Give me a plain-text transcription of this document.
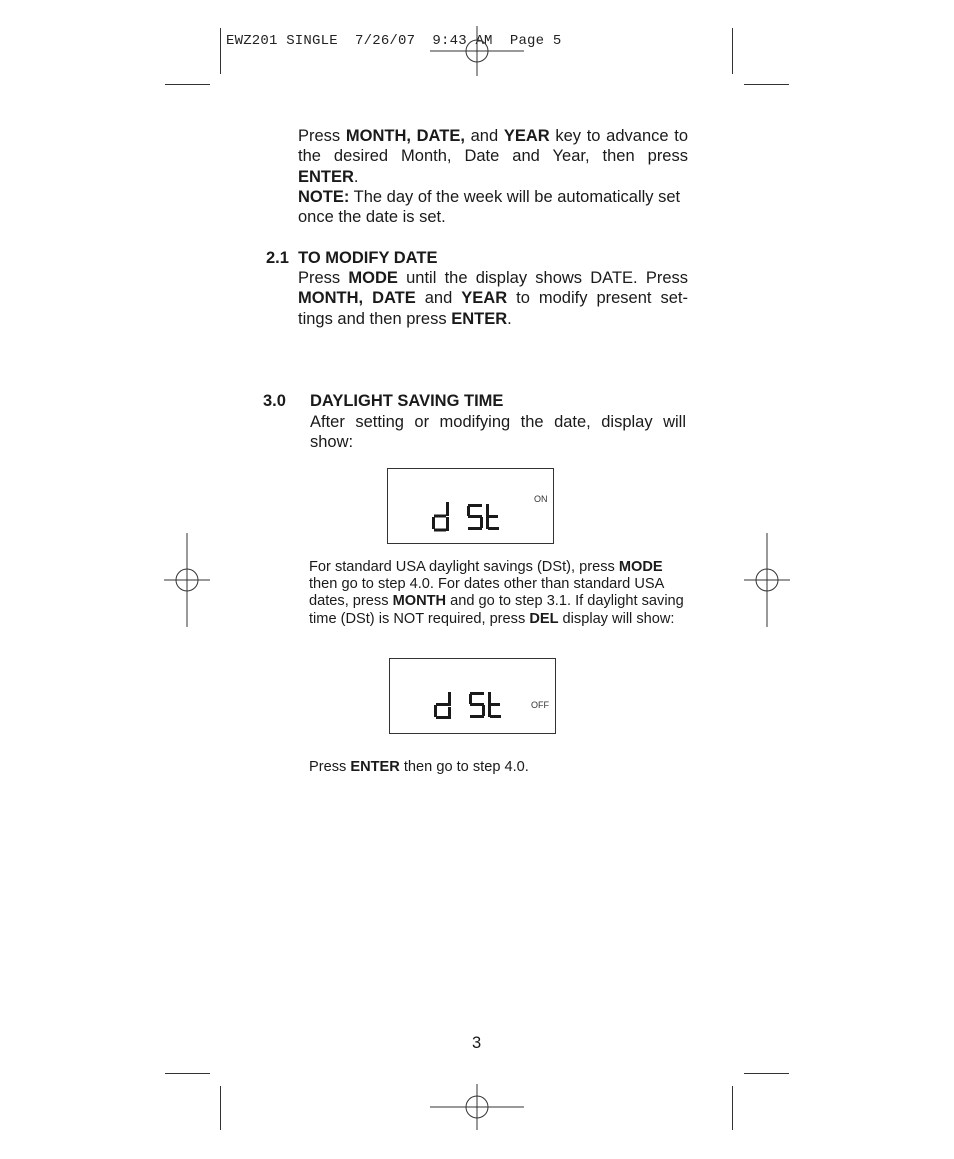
EWZ201 SINGLE  7/26/07  9:43 AM  Page 5
Press MONTH, DATE, and YEAR key to advance to the desired Month, Date and Year, then press ENTER.
NOTE: The day of the week will be automatically set once the date is set.
2.1 TO MODIFY DATE
Press MODE until the display shows DATE. Press MONTH, DATE and YEAR to modify present set-tings and then press ENTER.
3.0 DAYLIGHT SAVING TIME
After setting or modifying the date, display will show:
ON
For standard USA daylight savings (DSt), press MODE then go to step 4.0. For dates other than standard USA dates, press MONTH and go to step 3.1. If daylight saving time (DSt) is NOT required, press DEL display will show:
OFF
Press ENTER then go to step 4.0.
3
